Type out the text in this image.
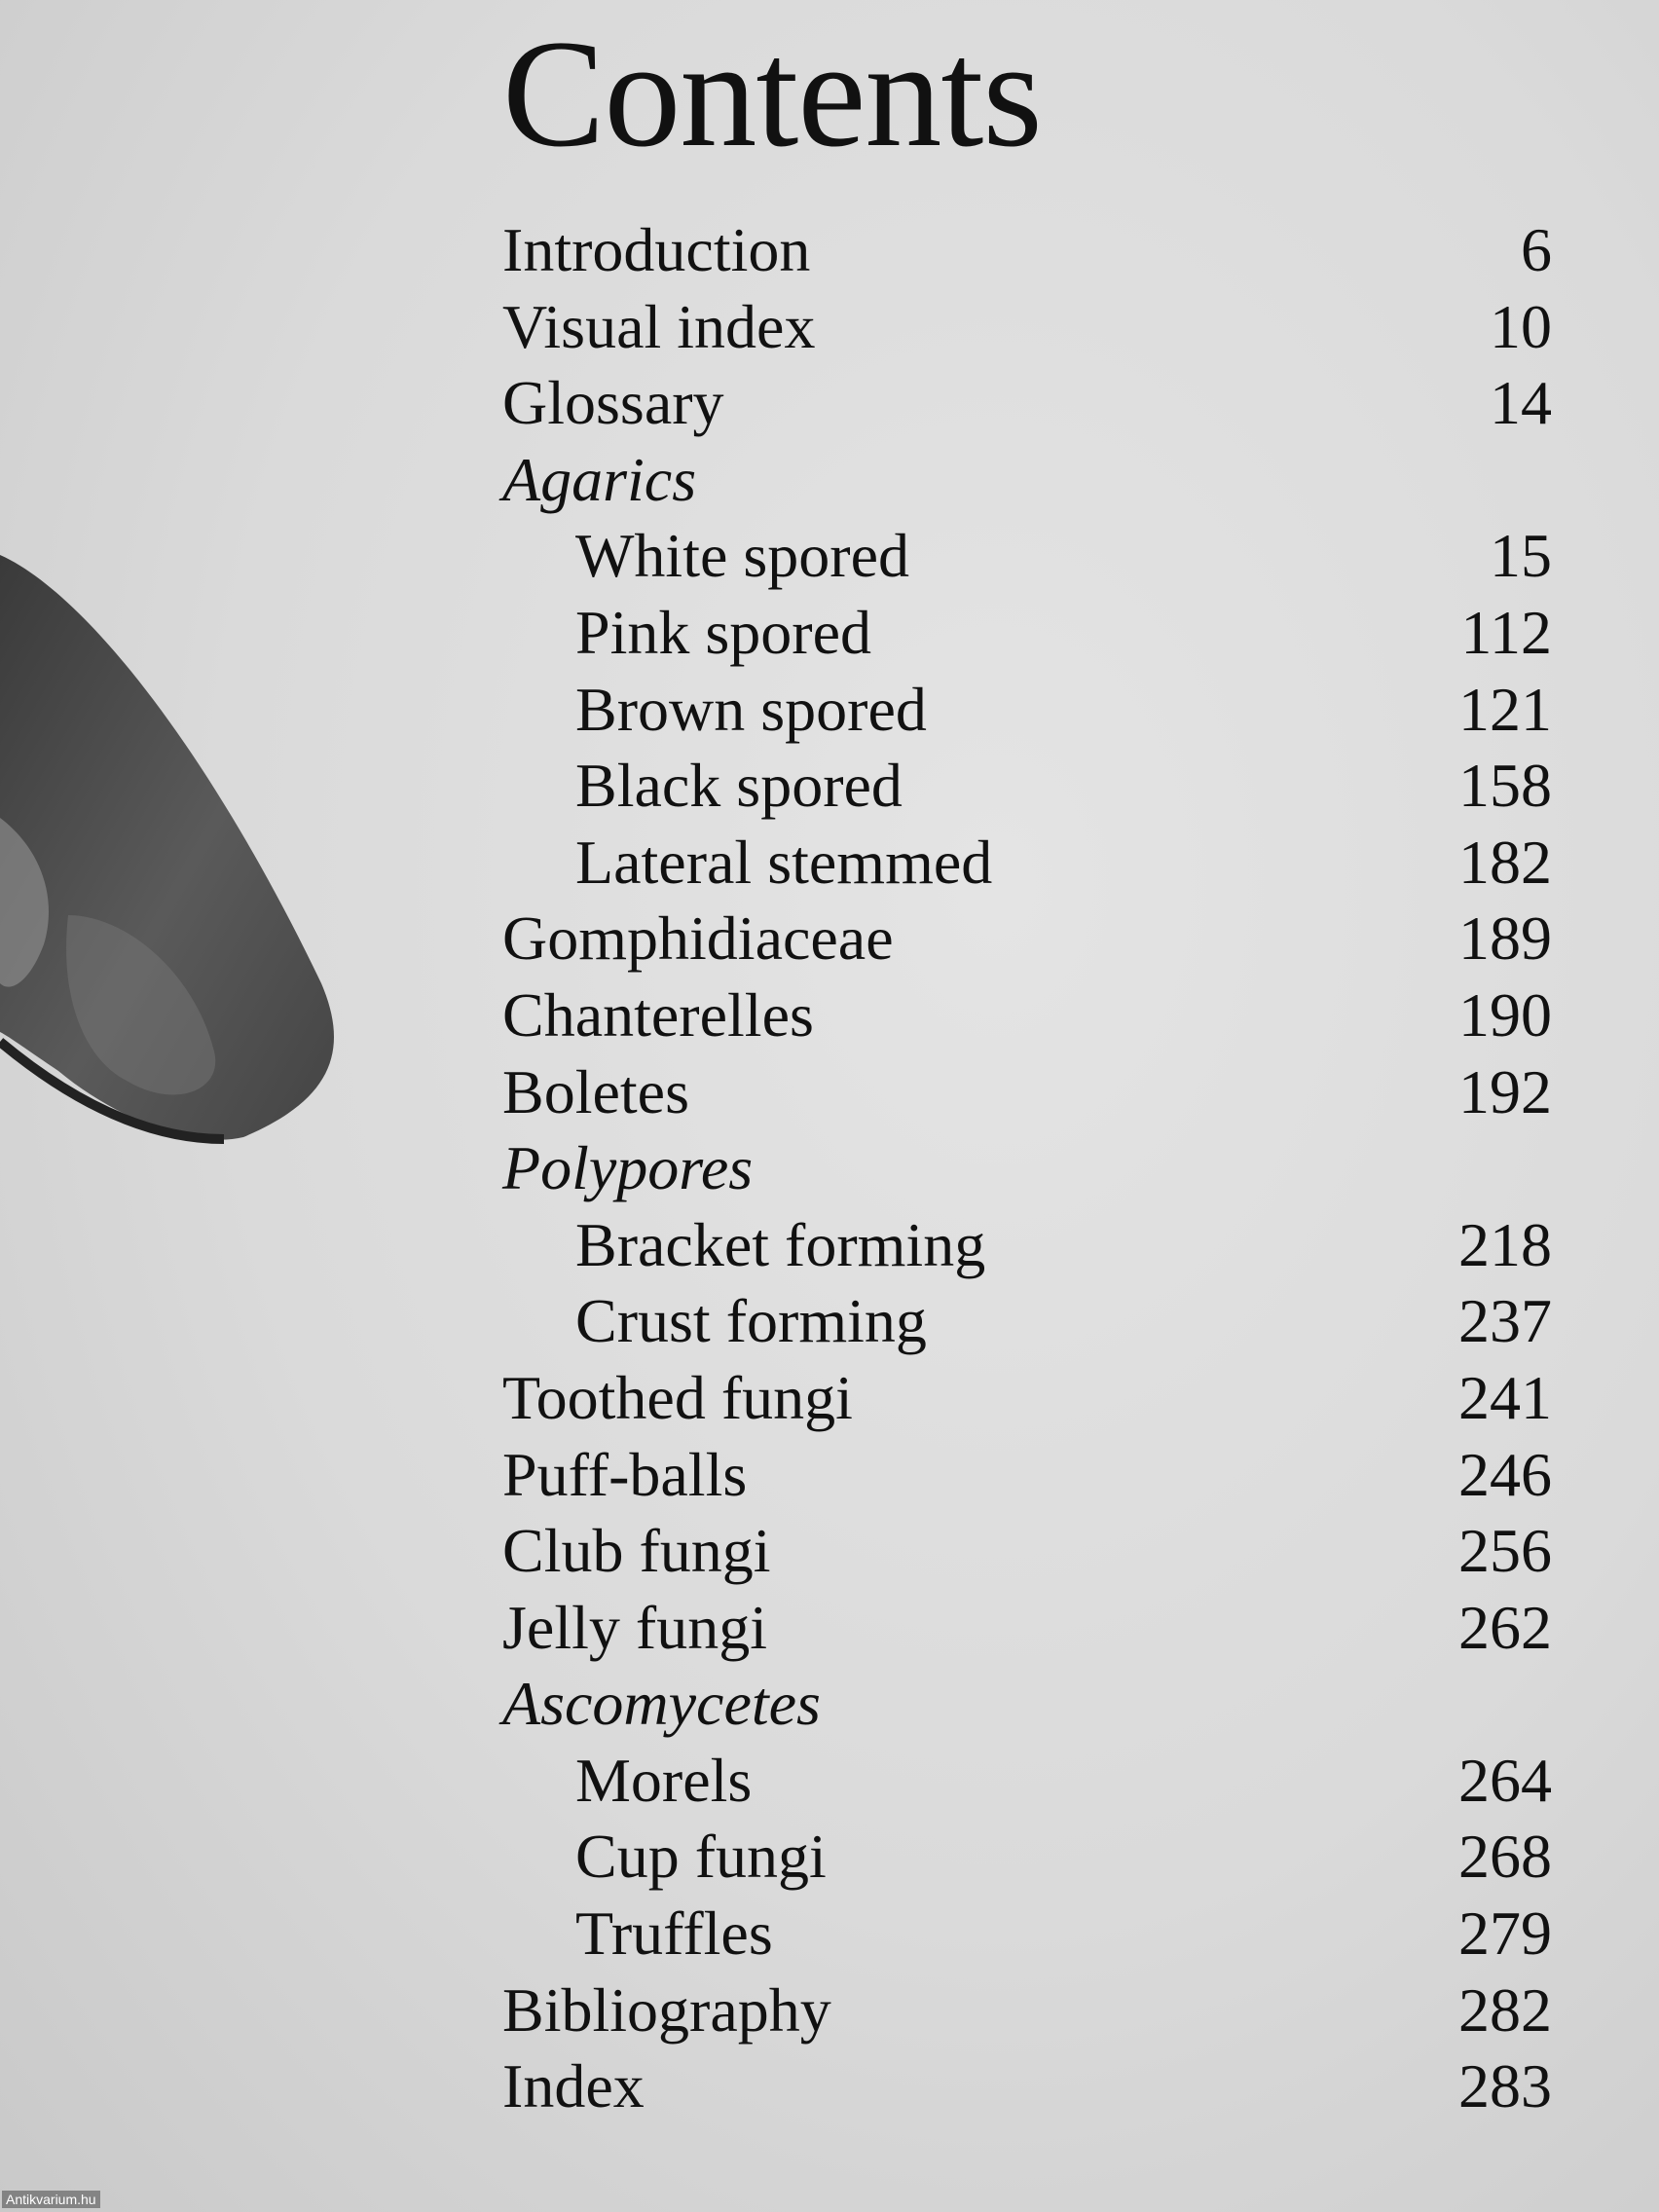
Contents
Introduction	6
Visual index	10
Glossary	14
Agarics
White spored	15
Pink spored	112
Brown spored	121
Black spored	158
Lateral stemmed	182
Gomphidiaceae	189
Chanterelles	190
Boletes	192
Polypores
Bracket forming	218
Crust forming	237
Toothed fungi	241
Puff-balls	246
Club fungi	256
Jelly fungi	262
Ascomycetes
Morels	264
Cup fungi	268
Truffles	279
Bibliography	282
Index	283
Antikvarium.hu
